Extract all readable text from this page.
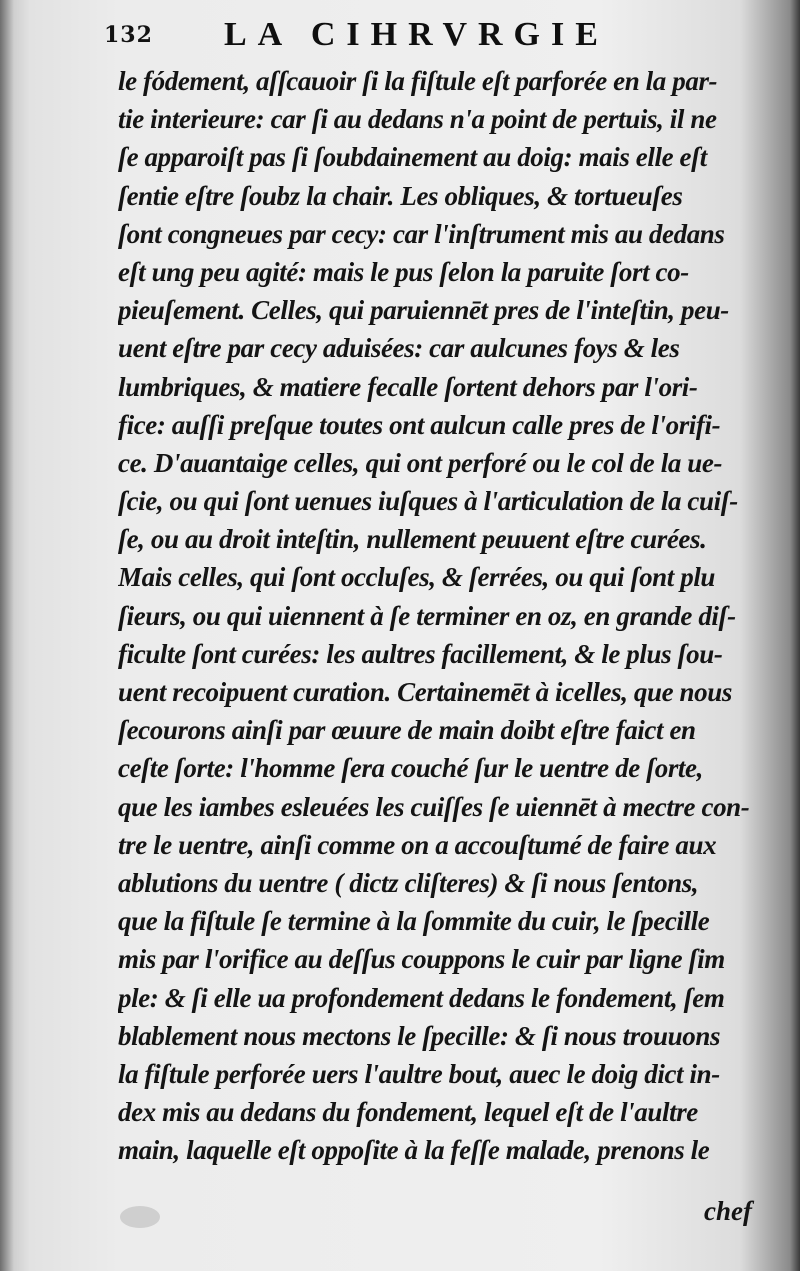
132 LA CIHRVRGIE
le fódement, aſſcauoir ſi la fiſtule eſt parforée en la par-
tie interieure: car ſi au dedans n'a point de pertuis, il ne
ſe apparoiſt pas ſi ſoubdainement au doig: mais elle eſt
ſentie eſtre ſoubz la chair. Les obliques, & tortueuſes
ſont congneues par cecy: car l'inſtrument mis au dedans
eſt ung peu agité: mais le pus ſelon la paruite ſort co-
pieuſement. Celles, qui paruiennēt pres de l'inteſtin, peu-
uent eſtre par cecy aduisées: car aulcunes foys & les
lumbriques, & matiere fecalle ſortent dehors par l'ori-
fice: auſſi preſque toutes ont aulcun calle pres de l'orifi-
ce. D'auantaige celles, qui ont perforé ou le col de la ue-
ſcie, ou qui ſont uenues iuſques à l'articulation de la cuiſ-
ſe, ou au droit inteſtin, nullement peuuent eſtre curées.
Mais celles, qui ſont occluſes, & ſerrées, ou qui ſont plu
ſieurs, ou qui uiennent à ſe terminer en oz, en grande diſ-
ficulte ſont curées: les aultres facillement, & le plus ſou-
uent recoipuent curation. Certainemēt à icelles, que nous
ſecourons ainſi par œuure de main doibt eſtre faict en
ceſte ſorte: l'homme ſera couché ſur le uentre de ſorte,
que les iambes esleuées les cuiſſes ſe uiennēt à mectre con-
tre le uentre, ainſi comme on a accouſtumé de faire aux
ablutions du uentre ( dictz cliſteres) & ſi nous ſentons,
que la fiſtule ſe termine à la ſommite du cuir, le ſpecille
mis par l'orifice au deſſus couppons le cuir par ligne ſim
ple: & ſi elle ua profondement dedans le fondement, ſem
blablement nous mectons le ſpecille: & ſi nous trouuons
la fiſtule perforée uers l'aultre bout, auec le doig dict in-
dex mis au dedans du fondement, lequel eſt de l'aultre
main, laquelle eſt oppoſite à la feſſe malade, prenons le
chef
